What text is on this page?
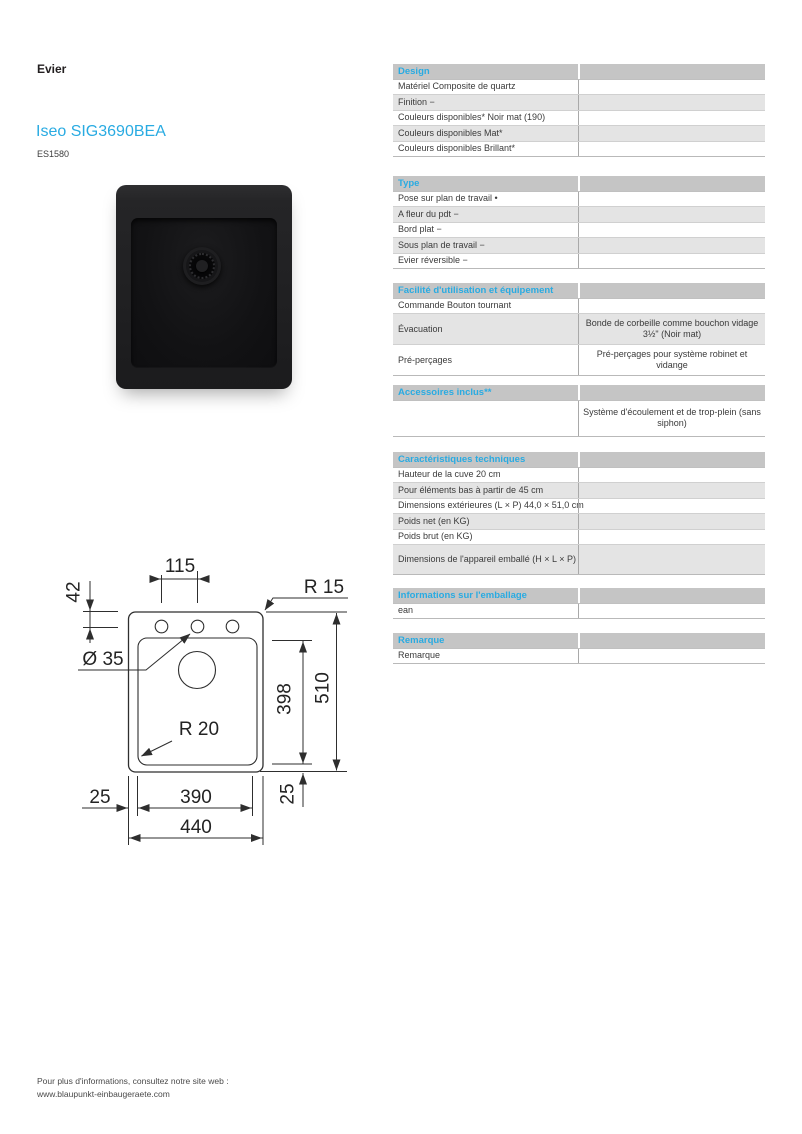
Evier
Iseo SIG3690BEA
ES1580
Design
Matériel Composite de quartz
Finition −
Couleurs disponibles* Noir mat (190)
Couleurs disponibles Mat*
Couleurs disponibles Brillant*
Type
Pose sur plan de travail •
A fleur du pdt −
Bord plat −
Sous plan de travail −
Evier réversible −
Facilité d'utilisation et équipement
Commande Bouton tournant
Évacuation
Bonde de corbeille comme bouchon vidage 3½" (Noir mat)
Pré-perçages
Pré-perçages pour système robinet et vidange
Accessoires inclus**
Système d'écoulement et de trop-plein (sans siphon)
Caractéristiques techniques
Hauteur de la cuve 20 cm
Pour éléments bas à partir de 45 cm
Dimensions extérieures (L × P) 44,0 × 51,0 cm
Poids net (en KG)
Poids brut (en KG)
Dimensions de l'appareil emballé (H × L × P)
Informations sur l'emballage
ean
Remarque
Remarque
115
42	R 15
Ø 35
R 20
398 510
25
25	390
440
Pour plus d'informations, consultez notre site web :
www.blaupunkt-einbaugeraete.com
